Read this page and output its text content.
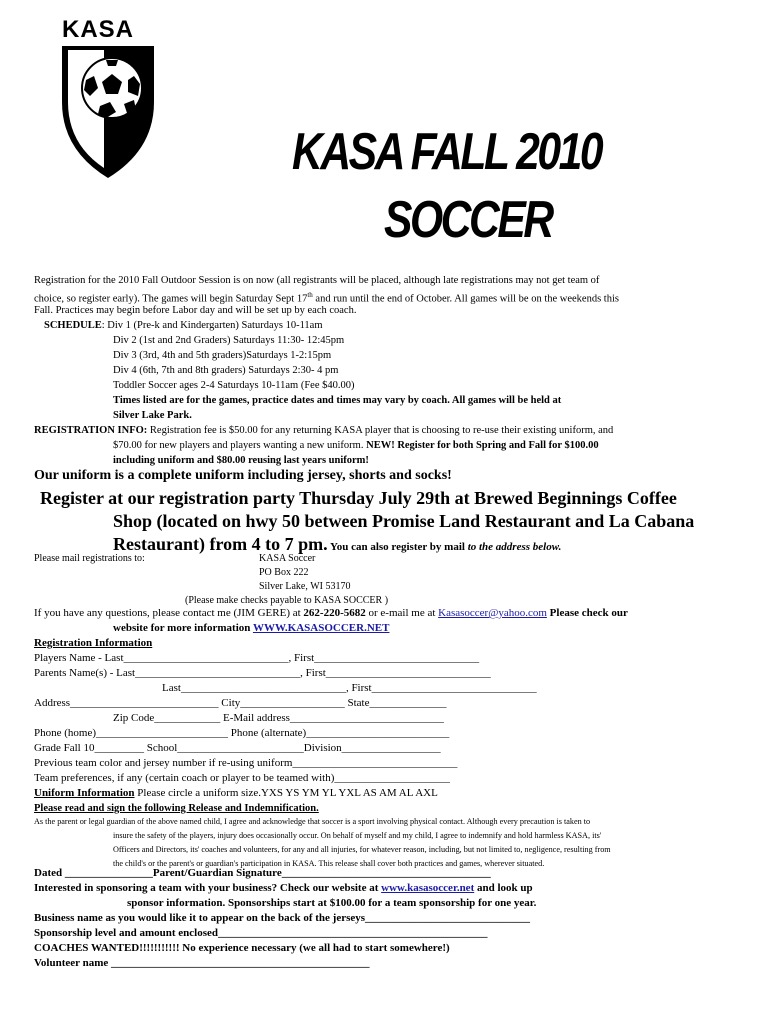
KASA
KASA FALL 2010
SOCCER
Registration for the 2010 Fall Outdoor Session is on now (all registrants will be placed, although late registrations may not get team of
choice, so register early). The games will begin Saturday Sept 17th and run until the end of October. All games will be on the weekends this
Fall. Practices may begin before Labor day and will be set up by each coach.
SCHEDULE: Div 1 (Pre-k and Kindergarten) Saturdays 10-11am
Div 2 (1st and 2nd Graders) Saturdays 11:30- 12:45pm
Div 3 (3rd, 4th and 5th graders)Saturdays 1-2:15pm
Div 4 (6th, 7th and 8th graders) Saturdays 2:30- 4 pm
Toddler Soccer ages 2-4 Saturdays 10-11am (Fee $40.00)
Times listed are for the games, practice dates and times may vary by coach. All games will be held at
Silver Lake Park.
REGISTRATION INFO: Registration fee is $50.00 for any returning KASA player that is choosing to re-use their existing uniform, and
$70.00 for new players and players wanting a new uniform. NEW! Register for both Spring and Fall for $100.00
including uniform and $80.00 reusing last years uniform!
Our uniform is a complete uniform including jersey, shorts and socks!
Register at our registration party Thursday July 29th at Brewed Beginnings Coffee
Shop (located on hwy 50 between Promise Land Restaurant and La Cabana
Restaurant) from 4 to 7 pm. You can also register by mail to the address below.
Please mail registrations to:	KASA Soccer
PO Box 222
Silver Lake, WI 53170
(Please make checks payable to KASA SOCCER )
If you have any questions, please contact me (JIM GERE) at 262-220-5682 or e-mail me at Kasasoccer@yahoo.com Please check our
website for more information WWW.KASASOCCER.NET
Registration Information
Players Name - Last______________________________, First______________________________
Parents Name(s) - Last______________________________, First______________________________
Last______________________________, First______________________________
Address___________________________ City___________________ State______________
Zip Code____________ E-Mail address____________________________
Phone (home)________________________ Phone (alternate)__________________________
Grade Fall 10_________ School_______________________Division__________________
Previous team color and jersey number if re-using uniform______________________________
Team preferences, if any (certain coach or player to be teamed with)_____________________
Uniform Information Please circle a uniform size.YXS YS YM YL YXL AS AM AL AXL
Please read and sign the following Release and Indemnification.
As the parent or legal guardian of the above named child, I agree and acknowledge that soccer is a sport involving physical contact. Although every precaution is taken to
insure the safety of the players, injury does occasionally occur. On behalf of myself and my child, I agree to indemnify and hold harmless KASA, its'
Officers and Directors, its' coaches and volunteers, for any and all injuries, for whatever reason, including, but not limited to, negligence, resulting from
the child's or the parent's or guardian's participation in KASA. This release shall cover both practices and games, wherever situated.
Dated ________________Parent/Guardian Signature______________________________________
Interested in sponsoring a team with your business? Check our website at www.kasasoccer.net and look up
sponsor information. Sponsorships start at $100.00 for a team sponsorship for one year.
Business name as you would like it to appear on the back of the jerseys______________________________
Sponsorship level and amount enclosed_________________________________________________
COACHES WANTED!!!!!!!!!!! No experience necessary (we all had to start somewhere!)
Volunteer name _______________________________________________
